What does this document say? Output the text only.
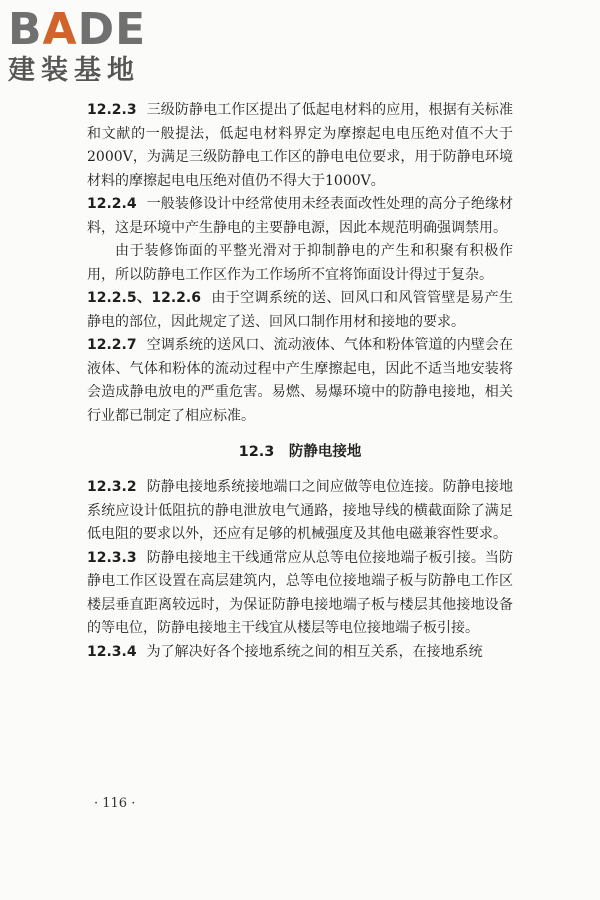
BADE
建装基地

12.2.3 三级防静电工作区提出了低起电材料的应用，根据有关标准和文献的一般提法，低起电材料界定为摩擦起电电压绝对值不大于2000V，为满足三级防静电工作区的静电电位要求，用于防静电环境材料的摩擦起电电压绝对值仍不得大于1000V。

12.2.4 一般装修设计中经常使用未经表面改性处理的高分子绝缘材料，这是环境中产生静电的主要静电源，因此本规范明确强调禁用。

由于装修饰面的平整光滑对于抑制静电的产生和积聚有积极作用，所以防静电工作区作为工作场所不宜将饰面设计得过于复杂。

12.2.5、12.2.6 由于空调系统的送、回风口和风管管壁是易产生静电的部位，因此规定了送、回风口制作用材和接地的要求。

12.2.7 空调系统的送风口、流动液体、气体和粉体管道的内壁会在液体、气体和粉体的流动过程中产生摩擦起电，因此不适当地安装将会造成静电放电的严重危害。易燃、易爆环境中的防静电接地，相关行业都已制定了相应标准。

12.3　防静电接地

12.3.2 防静电接地系统接地端口之间应做等电位连接。防静电接地系统应设计低阻抗的静电泄放电气通路，接地导线的横截面除了满足低电阻的要求以外，还应有足够的机械强度及其他电磁兼容性要求。

12.3.3 防静电接地主干线通常应从总等电位接地端子板引接。当防静电工作区设置在高层建筑内，总等电位接地端子板与防静电工作区楼层垂直距离较远时，为保证防静电接地端子板与楼层其他接地设备的等电位，防静电接地主干线宜从楼层等电位接地端子板引接。

12.3.4 为了解决好各个接地系统之间的相互关系，在接地系统

· 116 ·
